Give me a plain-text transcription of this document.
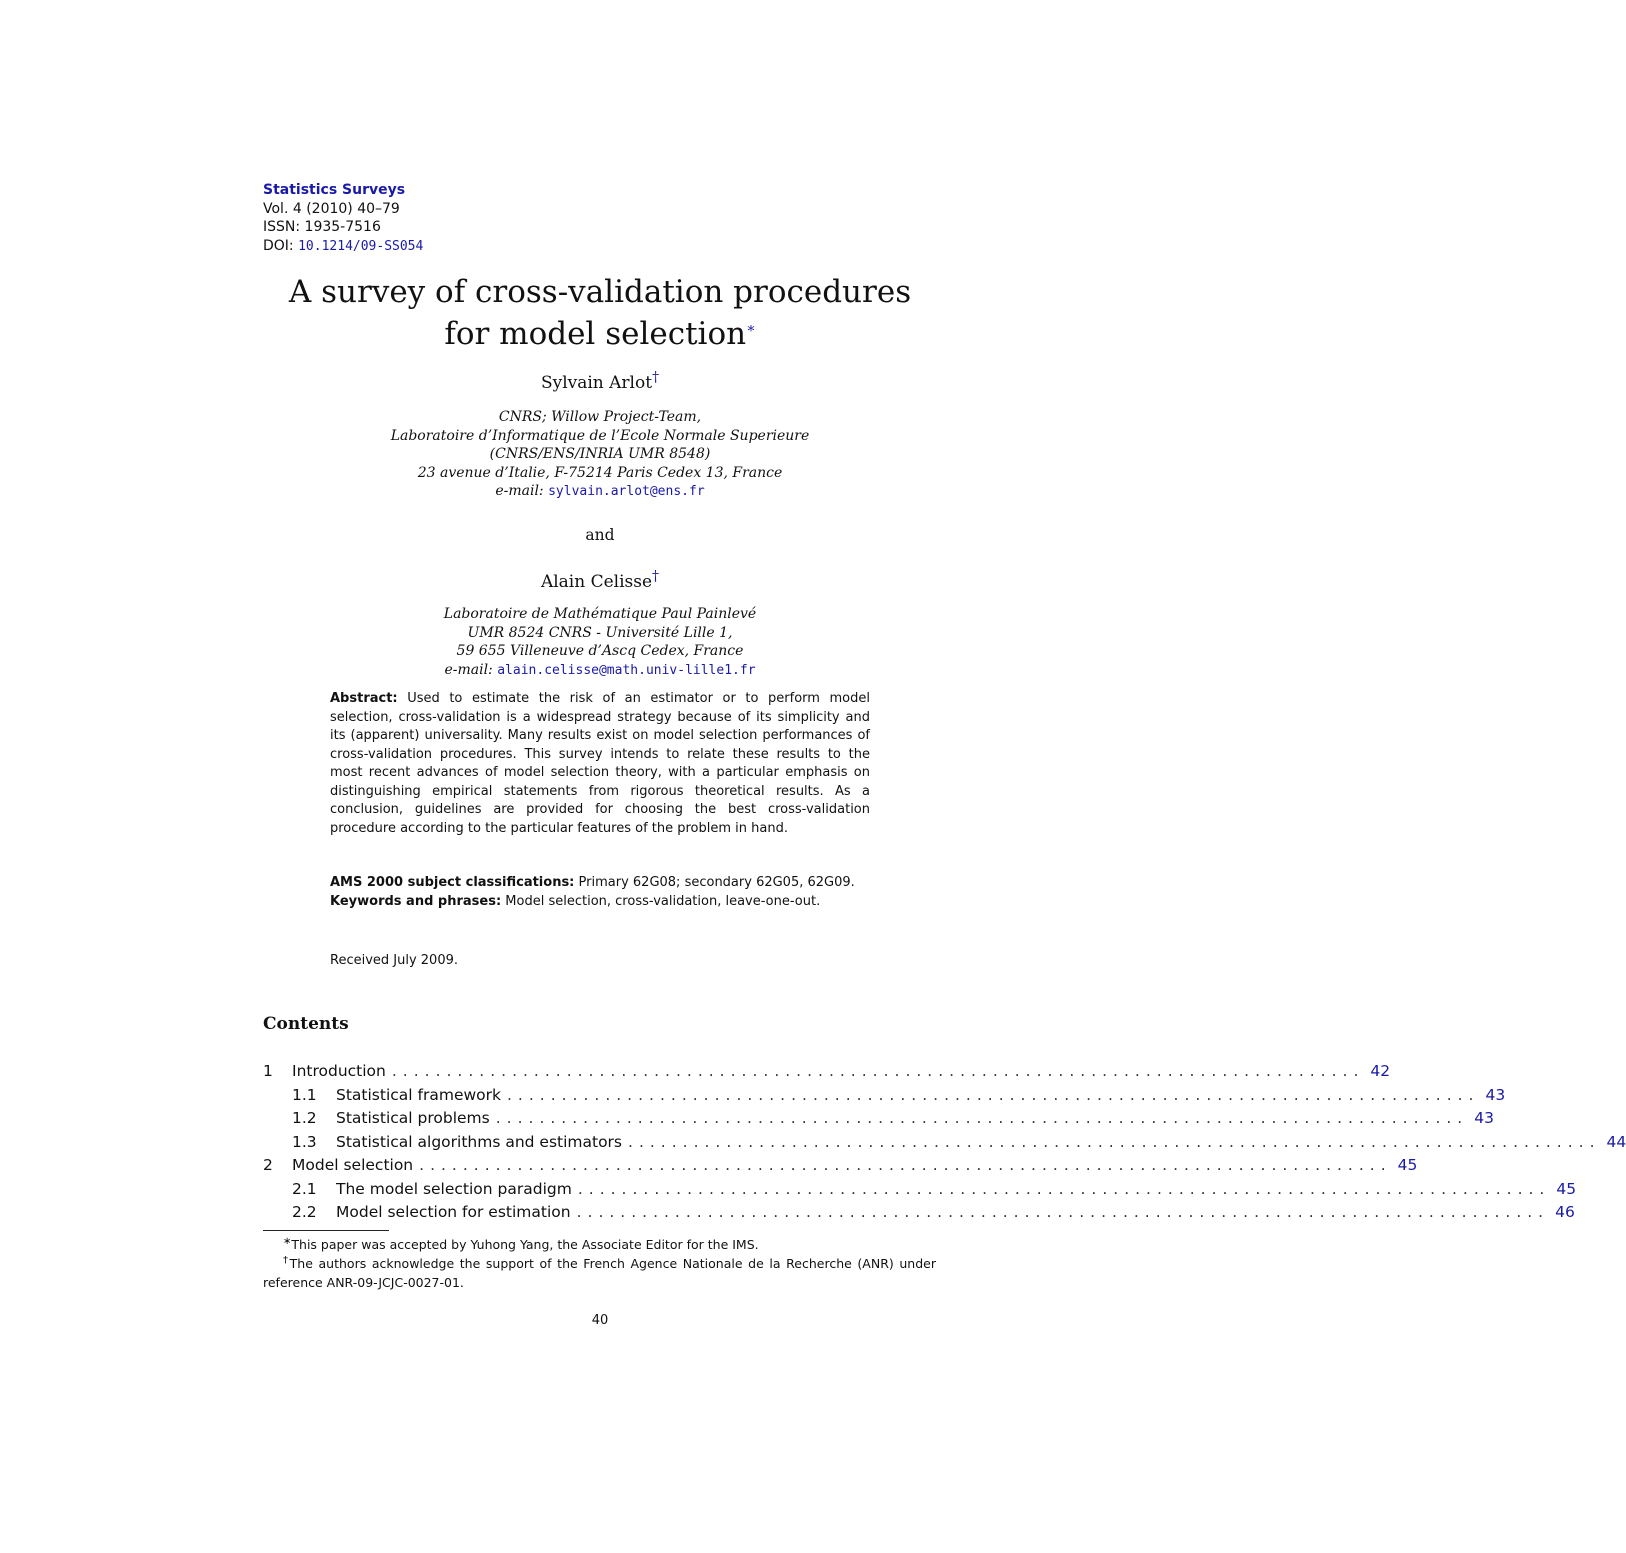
Statistics Surveys
Vol. 4 (2010) 40–79
ISSN: 1935-7516
DOI: 10.1214/09-SS054
A survey of cross-validation procedures
for model selection∗
Sylvain Arlot†
CNRS; Willow Project-Team,
Laboratoire d’Informatique de l’Ecole Normale Superieure
(CNRS/ENS/INRIA UMR 8548)
23 avenue d’Italie, F-75214 Paris Cedex 13, France
e-mail: sylvain.arlot@ens.fr
and
Alain Celisse†
Laboratoire de Mathématique Paul Painlevé
UMR 8524 CNRS - Université Lille 1,
59 655 Villeneuve d’Ascq Cedex, France
e-mail: alain.celisse@math.univ-lille1.fr
Abstract: Used to estimate the risk of an estimator or to perform model selection, cross-validation is a widespread strategy because of its simplicity and its (apparent) universality. Many results exist on model selection performances of cross-validation procedures. This survey intends to relate these results to the most recent advances of model selection theory, with a particular emphasis on distinguishing empirical statements from rigorous theoretical results. As a conclusion, guidelines are provided for choosing the best cross-validation procedure according to the particular features of the problem in hand.
AMS 2000 subject classifications: Primary 62G08; secondary 62G05, 62G09.
Keywords and phrases: Model selection, cross-validation, leave-one-out.
Received July 2009.
Contents
1	Introduction ......................................................................................... 42
1.1	Statistical framework ......................................................................................... 43
1.2	Statistical problems ......................................................................................... 43
1.3	Statistical algorithms and estimators ......................................................................................... 44
2	Model selection ......................................................................................... 45
2.1	The model selection paradigm ......................................................................................... 45
2.2	Model selection for estimation ......................................................................................... 46
∗This paper was accepted by Yuhong Yang, the Associate Editor for the IMS.
†The authors acknowledge the support of the French Agence Nationale de la Recherche (ANR) under reference ANR-09-JCJC-0027-01.
40
